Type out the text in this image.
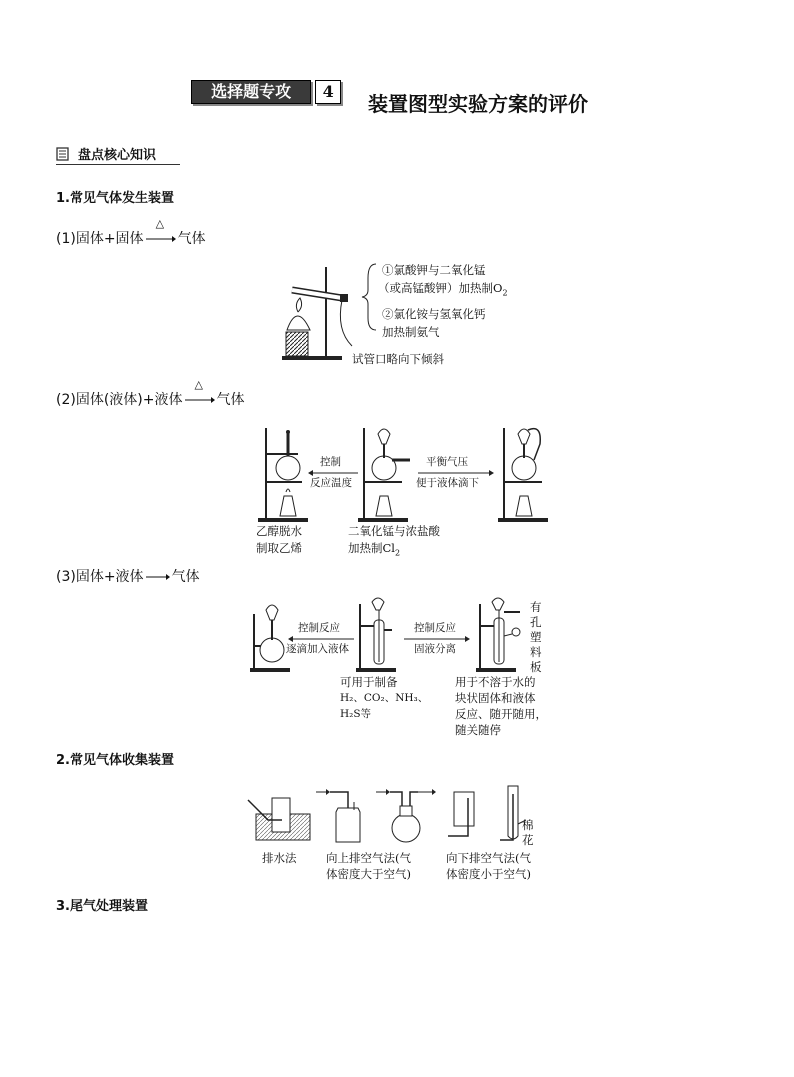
选择题专攻	4
装置图型实验方案的评价
盘点核心知识
1.常见气体发生装置
(1)固体+固体
△
气体
①氯酸钾与二氧化锰
（或高锰酸钾）加热制$O_2$
②氯化铵与氢氧化钙
加热制氨气
试管口略向下倾斜
(2)固体(液体)+液体
△
气体
控制
反应温度
平衡气压
便于液体滴下
乙醇脱水
制取乙烯
二氧化锰与浓盐酸
加热制$Cl_2$
(3)固体+液体 气体
控制反应
逐滴加入液体
控制反应
固液分离
有孔塑料板
可用于制备
H₂、CO₂、NH₃、
H₂S等
用于不溶于水的
块状固体和液体
反应、随开随用，
随关随停
2.常见气体收集装置
棉花
排水法	向上排空气法(气
体密度大于空气)
向下排空气法(气
体密度小于空气)
3.尾气处理装置
